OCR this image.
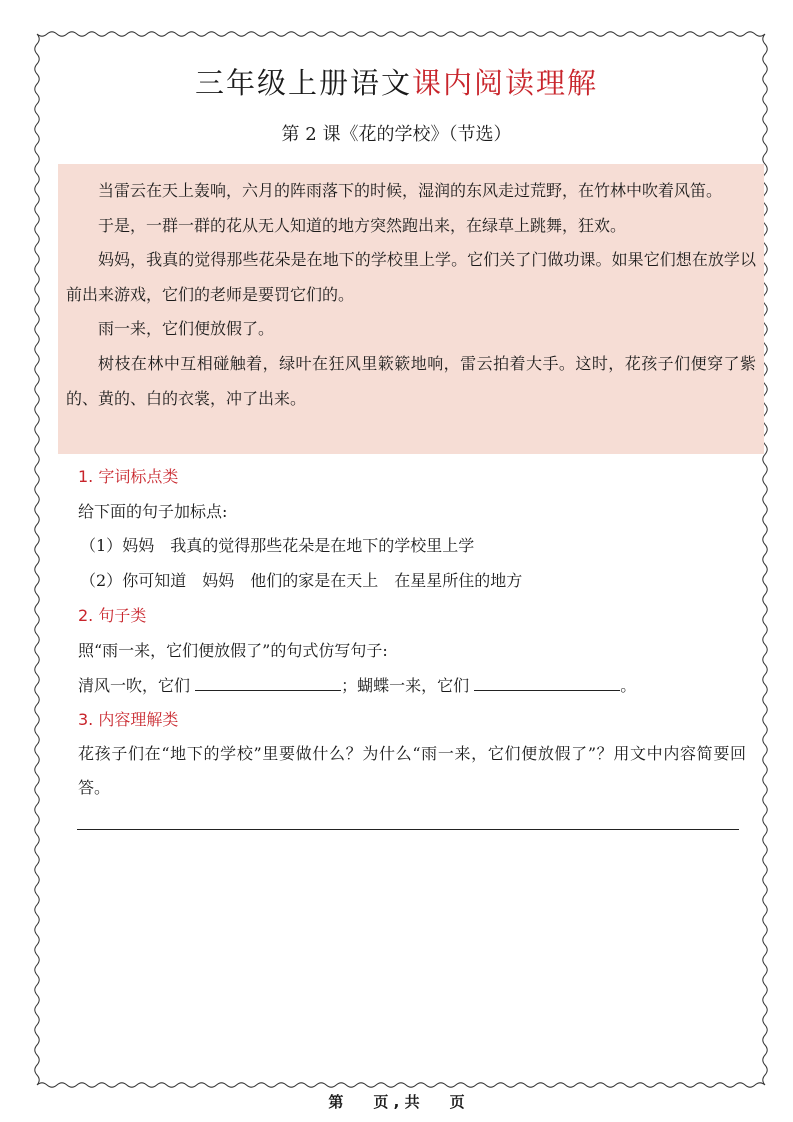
三年级上册语文课内阅读理解
第 2 课《花的学校》（节选）

当雷云在天上轰响，六月的阵雨落下的时候，湿润的东风走过荒野，在竹林中吹着风笛。

于是，一群一群的花从无人知道的地方突然跑出来，在绿草上跳舞，狂欢。

妈妈，我真的觉得那些花朵是在地下的学校里上学。它们关了门做功课。如果它们想在放学以前出来游戏，它们的老师是要罚它们的。

雨一来，它们便放假了。

树枝在林中互相碰触着，绿叶在狂风里簌簌地响，雷云拍着大手。这时，花孩子们便穿了紫的、黄的、白的衣裳，冲了出来。

1. 字词标点类
给下面的句子加标点:
（1）妈妈 我真的觉得那些花朵是在地下的学校里上学
（2）你可知道 妈妈 他们的家是在天上 在星星所住的地方
2. 句子类
照“雨一来，它们便放假了”的句式仿写句子:
清风一吹，它们	；蝴蝶一来，它们	。
3. 内容理解类
花孩子们在“地下的学校”里要做什么？为什么“雨一来，它们便放假了”？用文中内容简要回答。
第　　页 , 共　　页
